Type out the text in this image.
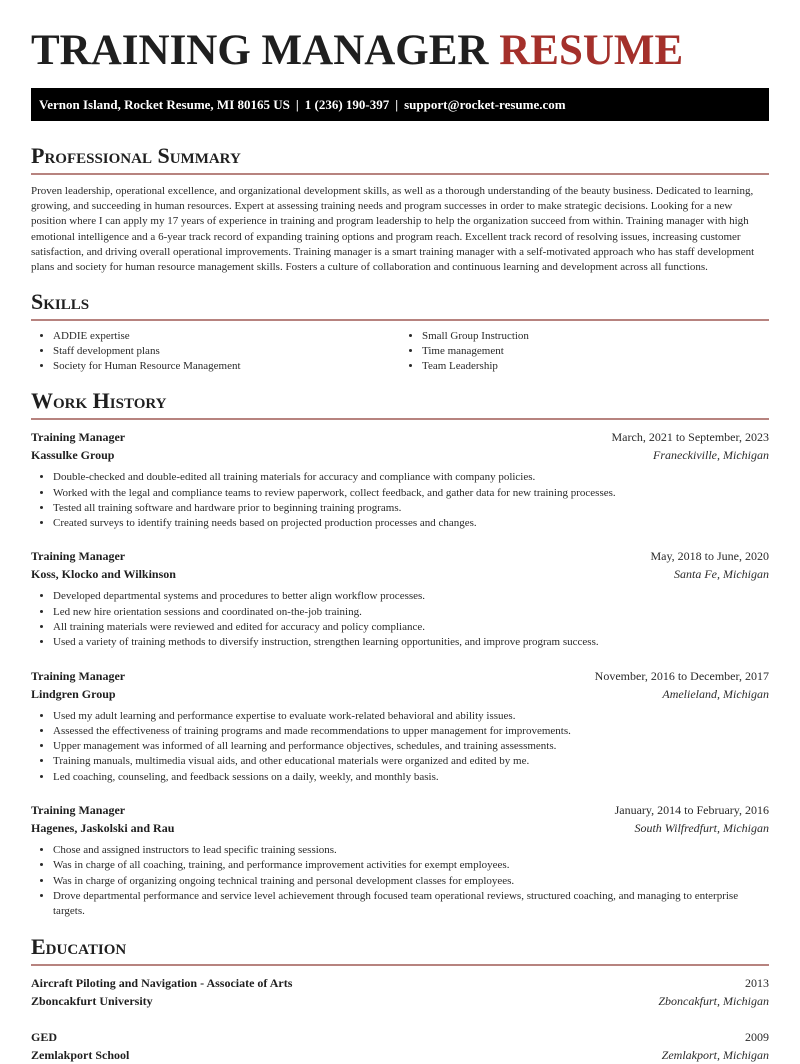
TRAINING MANAGER RESUME
Vernon Island, Rocket Resume, MI 80165 US | 1 (236) 190-397 | support@rocket-resume.com
Professional Summary

Proven leadership, operational excellence, and organizational development skills, as well as a thorough understanding of the beauty business. Dedicated to learning, growing, and succeeding in human resources. Expert at assessing training needs and program successes in order to make strategic decisions. Looking for a new position where I can apply my 17 years of experience in training and program leadership to help the organization succeed from within. Training manager with high emotional intelligence and a 6-year track record of expanding training options and program reach. Excellent track record of resolving issues, increasing customer satisfaction, and driving overall operational improvements. Training manager is a smart training manager with a self-motivated approach who has staff development plans and society for human resource management skills. Fosters a culture of collaboration and continuous learning and development across all functions.

Skills
• ADDIE expertise
• Staff development plans
• Society for Human Resource Management
• Small Group Instruction
• Time management
• Team Leadership
Work History
Training Manager	March, 2021 to September, 2023
Kassulke Group	Franeckiville, Michigan
• Double-checked and double-edited all training materials for accuracy and compliance with company policies.
• Worked with the legal and compliance teams to review paperwork, collect feedback, and gather data for new training processes.
• Tested all training software and hardware prior to beginning training programs.
• Created surveys to identify training needs based on projected production processes and changes.
Training Manager	May, 2018 to June, 2020
Koss, Klocko and Wilkinson	Santa Fe, Michigan
• Developed departmental systems and procedures to better align workflow processes.
• Led new hire orientation sessions and coordinated on-the-job training.
• All training materials were reviewed and edited for accuracy and policy compliance.
• Used a variety of training methods to diversify instruction, strengthen learning opportunities, and improve program success.
Training Manager	November, 2016 to December, 2017
Lindgren Group	Amelieland, Michigan
• Used my adult learning and performance expertise to evaluate work-related behavioral and ability issues.
• Assessed the effectiveness of training programs and made recommendations to upper management for improvements.
• Upper management was informed of all learning and performance objectives, schedules, and training assessments.
• Training manuals, multimedia visual aids, and other educational materials were organized and edited by me.
• Led coaching, counseling, and feedback sessions on a daily, weekly, and monthly basis.
Training Manager	January, 2014 to February, 2016
Hagenes, Jaskolski and Rau	South Wilfredfurt, Michigan
• Chose and assigned instructors to lead specific training sessions.
• Was in charge of all coaching, training, and performance improvement activities for exempt employees.
• Was in charge of organizing ongoing technical training and personal development classes for employees.
• Drove departmental performance and service level achievement through focused team operational reviews, structured coaching, and managing to enterprise targets.
Education
Aircraft Piloting and Navigation - Associate of Arts	2013
Zboncakfurt University	Zboncakfurt, Michigan
GED	2009
Zemlakport School	Zemlakport, Michigan
